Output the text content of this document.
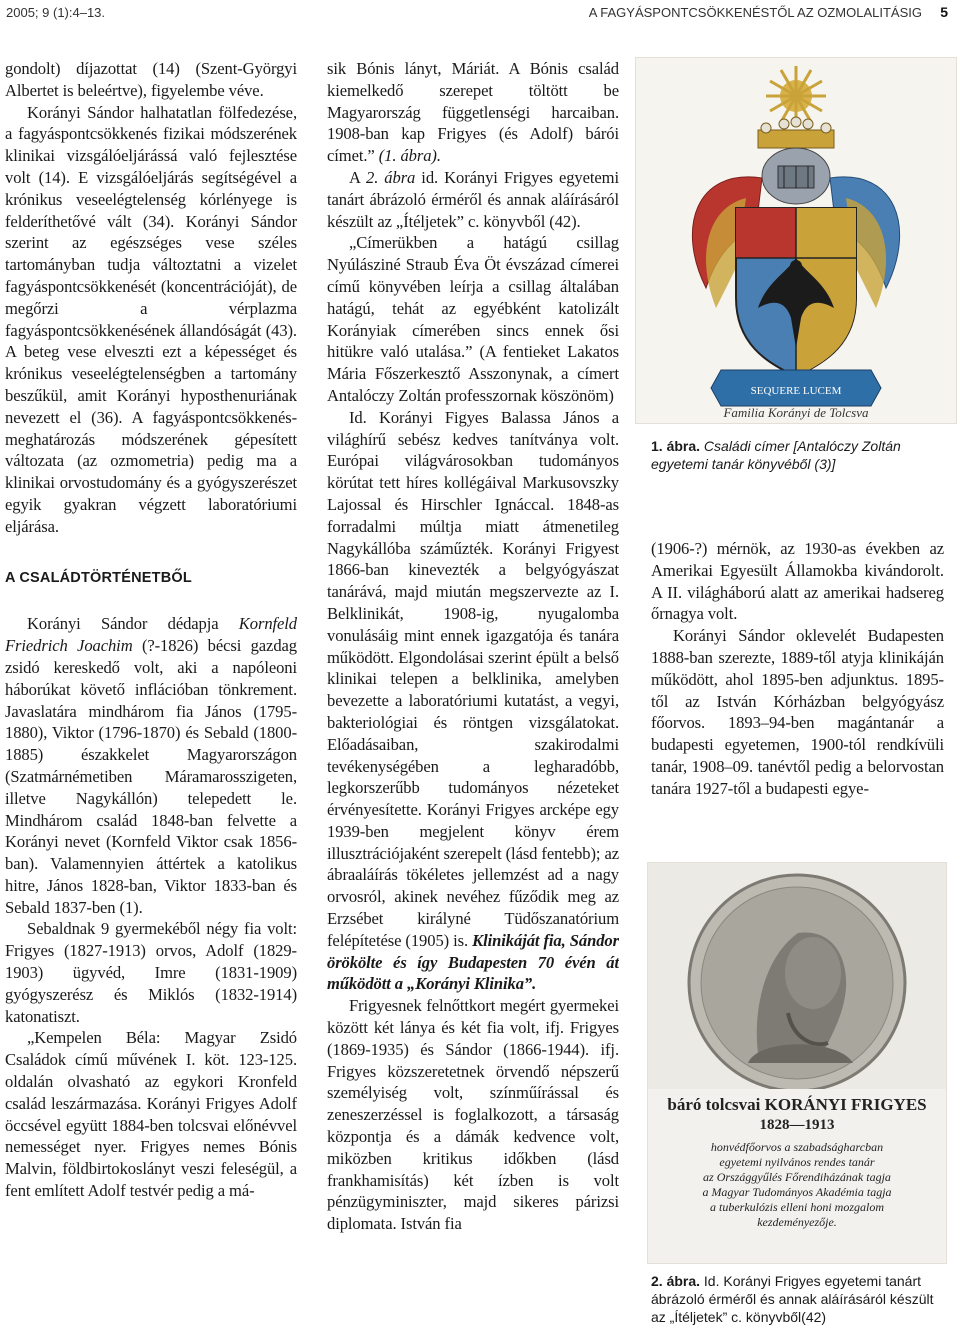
2005; 9 (1):4–13.	A FAGYÁSPONTCSÖKKENÉSTŐL AZ OZMOLALITÁSIG 5

gondolt) díjazottat (14) (Szent-Györgyi Albertet is beleértve), figyelembe véve.

Korányi Sándor halhatatlan fölfedezése, a fagyáspontcsökkenés fizikai módszerének klinikai vizsgálóeljárássá való fejlesztése volt (14). E vizsgálóeljárás segítségével a krónikus veseelégtelenség kórlényege is felderíthetővé vált (34). Korányi Sándor szerint az egészséges vese széles tartományban tudja változtatni a vizelet fagyáspontcsökkenését (koncentrációját), de megőrzi a vérplazma fagyáspontcsökkenésének állandóságát (43). A beteg vese elveszti ezt a képességet és krónikus veseelégtelenségben a tartomány beszűkül, amit Korányi hyposthenuriának nevezett el (36). A fagyáspontcsökkenés-meghatározás módszerének gépesített változata (az ozmometria) pedig ma a klinikai orvostudomány és a gyógyszerészet egyik gyakran végzett laboratóriumi eljárása.

A CSALÁDTÖRTÉNETBŐL

Korányi Sándor dédapja Kornfeld Friedrich Joachim (?-1826) bécsi gazdag zsidó kereskedő volt, aki a napóleoni háborúkat követő inflációban tönkrement. Javaslatára mindhárom fia János (1795-1880), Viktor (1796-1870) és Sebald (1800-1885) északkelet Magyarországon (Szatmárnémetiben Máramarosszigeten, illetve Nagykállón) telepedett le. Mindhárom család 1848-ban felvette a Korányi nevet (Kornfeld Viktor csak 1856-ban). Valamennyien áttértek a katolikus hitre, János 1828-ban, Viktor 1833-ban és Sebald 1837-ben (1).

Sebaldnak 9 gyermekéből négy fia volt: Frigyes (1827-1913) orvos, Adolf (1829-1903) ügyvéd, Imre (1831-1909) gyógyszerész és Miklós (1832-1914) katonatiszt.

„Kempelen Béla: Magyar Zsidó Családok című művének I. köt. 123-125. oldalán olvasható az egykori Kronfeld család leszármazása. Korányi Frigyes Adolf öccsével együtt 1884-ben tolcsvai előnévvel nemességet nyer. Frigyes nemes Bónis Malvin, földbirtokoslányt veszi feleségül, a fent említett Adolf testvér pedig a má-

sik Bónis lányt, Máriát. A Bónis család kiemelkedő szerepet töltött be Magyarország függetlenségi harcaiban. 1908-ban kap Frigyes (és Adolf) bárói címet.” (1. ábra).

A 2. ábra id. Korányi Frigyes egyetemi tanárt ábrázoló érméről és annak aláírásáról készült az „Ítéljetek” c. könyvből (42).

„Címerükben a hatágú csillag Nyúlásziné Straub Éva Öt évszázad címerei című könyvében leírja a csillag általában hatágú, tehát az egyébként katolizált Korányiak címerében sincs ennek ősi hitükre való utalása.” (A fentieket Lakatos Mária Főszerkesztő Asszonynak, a címert Antalóczy Zoltán professzornak köszönöm)

Id. Korányi Figyes Balassa János a világhírű sebész kedves tanítványa volt. Európai világvárosokban tudományos körútat tett híres kollégáival Markusovszky Lajossal és Hirschler Ignáccal. 1848-as forradalmi múltja miatt átmenetileg Nagykállóba száműzték. Korányi Frigyest 1866-ban kinevezték a belgyógyászat tanárává, majd miután megszervezte az I. Belklinikát, 1908-ig, nyugalomba vonulásáig mint ennek igazgatója és tanára működött. Elgondolásai szerint épült a belső klinikai telepen a belklinika, amelyben bevezette a laboratóriumi kutatást, a vegyi, bakteriológiai és röntgen vizsgálatokat. Előadásaiban, szakirodalmi tevékenységében a legharadóbb, legkorszerűbb tudományos nézeteket érvényesítette. Korányi Frigyes arcképe egy 1939-ben megjelent könyv érem illusztrációjaként szerepelt (lásd fentebb); az ábraaláírás tökéletes jellemzést ad a nagy orvosról, akinek nevéhez fűződik meg az Erzsébet királyné Tüdőszanatórium felépítetése (1905) is. Klinikáját fia, Sándor örökölte és így Budapesten 70 évén át működött a „Korányi Klinika”.

Frigyesnek felnőttkort megért gyermekei között két lánya és két fia volt, ifj. Frigyes (1869-1935) és Sándor (1866-1944). ifj. Frigyes közszeretetnek örvendő népszerű személyiség volt, színműírással és zeneszerzéssel is foglalkozott, a társaság központja és a dámák kedvence volt, miközben kritikus időkben (lásd frankhamisítás) két ízben is volt pénzügyminiszter, majd sikeres párizsi diplomata. István fia

SEQUERE LUCEM
Familia Korányi de Tolcsva
1. ábra. Családi címer [Antalóczy Zoltán egyetemi tanár könyvéből (3)]

(1906-?) mérnök, az 1930-as években az Amerikai Egyesült Államokba kivándorolt. A II. világháború alatt az amerikai hadsereg őrnagya volt.

Korányi Sándor oklevelét Budapesten 1888-ban szerezte, 1889-től atyja klinikáján működött, ahol 1895-ben adjunktus. 1895-től az István Kórházban belgyógyász főorvos. 1893–94-ben magántanár a budapesti egyetemen, 1900-tól rendkívüli tanár, 1908–09. tanévtől pedig a belorvostan tanára 1927-től a budapesti egye-

báró tolcsvai KORÁNYI FRIGYES
1828—1913
honvédfőorvos a szabadságharcban
egyetemi nyilvános rendes tanár
az Országgyűlés Főrendiházának tagja
a Magyar Tudományos Akadémia tagja
a tuberkulózis elleni honi mozgalom
kezdeményezője.
2. ábra. Id. Korányi Frigyes egyetemi tanárt ábrázoló érméről és annak aláírásáról készült az „Ítéljetek” c. könyvből(42)
